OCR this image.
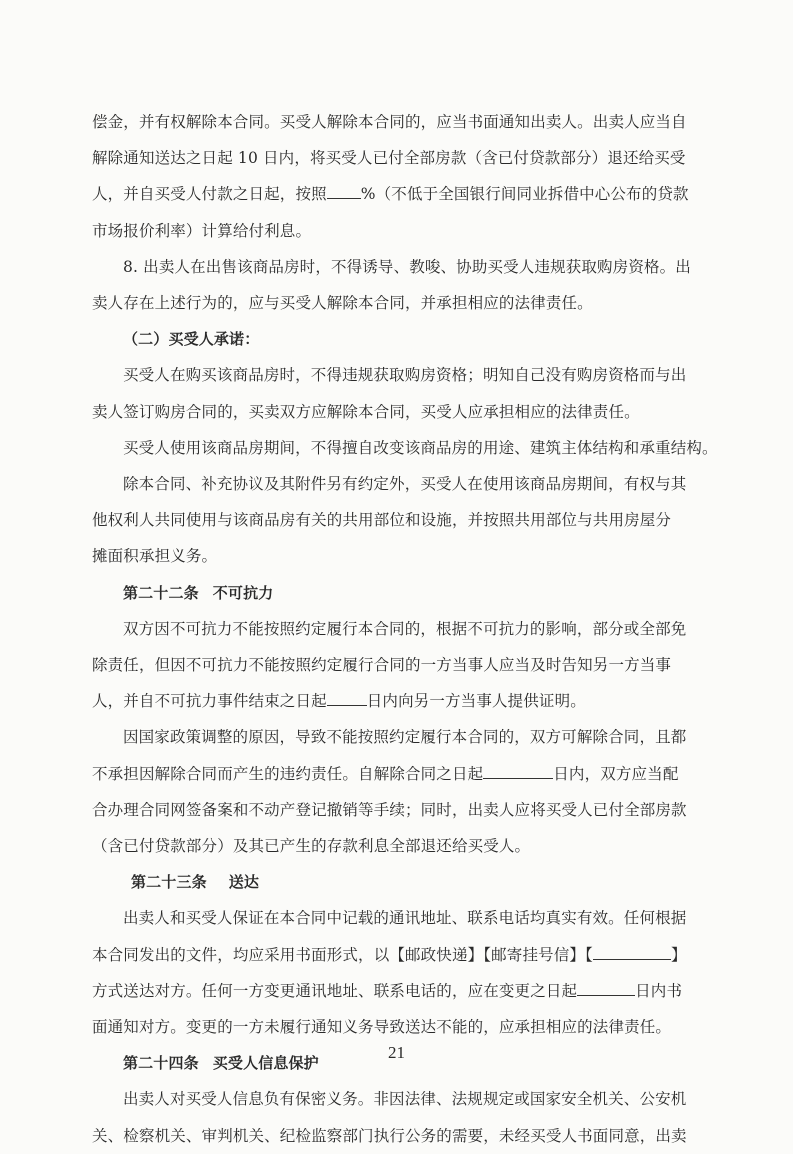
偿金，并有权解除本合同。买受人解除本合同的，应当书面通知出卖人。出卖人应当自
解除通知送达之日起 10 日内，将买受人已付全部房款（含已付贷款部分）退还给买受
人，并自买受人付款之日起，按照 %（不低于全国银行间同业拆借中心公布的贷款
市场报价利率）计算给付利息。
8. 出卖人在出售该商品房时，不得诱导、教唆、协助买受人违规获取购房资格。出
卖人存在上述行为的，应与买受人解除本合同，并承担相应的法律责任。
（二）买受人承诺：
买受人在购买该商品房时，不得违规获取购房资格；明知自己没有购房资格而与出
卖人签订购房合同的，买卖双方应解除本合同，买受人应承担相应的法律责任。
买受人使用该商品房期间，不得擅自改变该商品房的用途、建筑主体结构和承重结构。
除本合同、补充协议及其附件另有约定外，买受人在使用该商品房期间，有权与其
他权利人共同使用与该商品房有关的共用部位和设施，并按照共用部位与共用房屋分
摊面积承担义务。
第二十二条 不可抗力
双方因不可抗力不能按照约定履行本合同的，根据不可抗力的影响，部分或全部免
除责任，但因不可抗力不能按照约定履行合同的一方当事人应当及时告知另一方当事
人，并自不可抗力事件结束之日起	日内向另一方当事人提供证明。
因国家政策调整的原因，导致不能按照约定履行本合同的，双方可解除合同，且都
不承担因解除合同而产生的违约责任。自解除合同之日起	日内，双方应当配
合办理合同网签备案和不动产登记撤销等手续；同时，出卖人应将买受人已付全部房款
（含已付贷款部分）及其已产生的存款利息全部退还给买受人。
第二十三条 送达
出卖人和买受人保证在本合同中记载的通讯地址、联系电话均真实有效。任何根据
本合同发出的文件，均应采用书面形式，以【邮政快递】【邮寄挂号信】【	】
方式送达对方。任何一方变更通讯地址、联系电话的，应在变更之日起	日内书
面通知对方。变更的一方未履行通知义务导致送达不能的，应承担相应的法律责任。
第二十四条 买受人信息保护
出卖人对买受人信息负有保密义务。非因法律、法规规定或国家安全机关、公安机
关、检察机关、审判机关、纪检监察部门执行公务的需要，未经买受人书面同意，出卖
21
